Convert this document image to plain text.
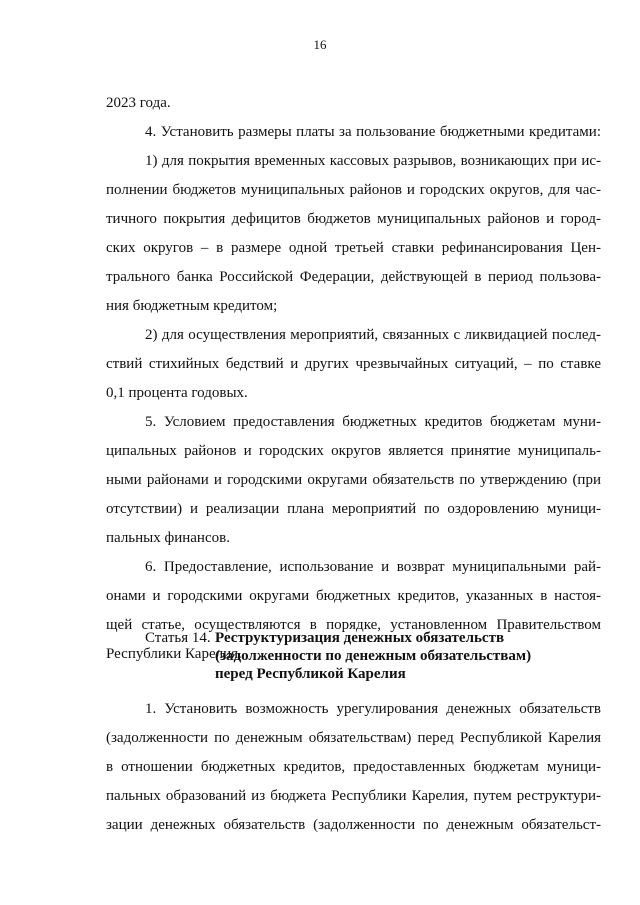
16
2023 года.
4. Установить размеры платы за пользование бюджетными кредитами:
1) для покрытия временных кассовых разрывов, возникающих при ис-
полнении бюджетов муниципальных районов и городских округов, для час-
тичного покрытия дефицитов бюджетов муниципальных районов и город-
ских округов – в размере одной третьей ставки рефинансирования Цен-
трального банка Российской Федерации, действующей в период пользова-
ния бюджетным кредитом;
2) для осуществления мероприятий, связанных с ликвидацией послед-
ствий стихийных бедствий и других чрезвычайных ситуаций, – по ставке
0,1 процента годовых.
5. Условием предоставления бюджетных кредитов бюджетам муни-
ципальных районов и городских округов является принятие муниципаль-
ными районами и городскими округами обязательств по утверждению (при
отсутствии) и реализации плана мероприятий по оздоровлению муници-
пальных финансов.
6. Предоставление, использование и возврат муниципальными рай-
онами и городскими округами бюджетных кредитов, указанных в настоя-
щей статье, осуществляются в порядке, установленном Правительством
Республики Карелия.
1. Установить возможность урегулирования денежных обязательств
(задолженности по денежным обязательствам) перед Республикой Карелия
в отношении бюджетных кредитов, предоставленных бюджетам муници-
пальных образований из бюджета Республики Карелия, путем реструктури-
зации денежных обязательств (задолженности по денежным обязательст-
Статья 14. Реструктуризация денежных обязательств
(задолженности по денежным обязательствам)
перед Республикой Карелия
